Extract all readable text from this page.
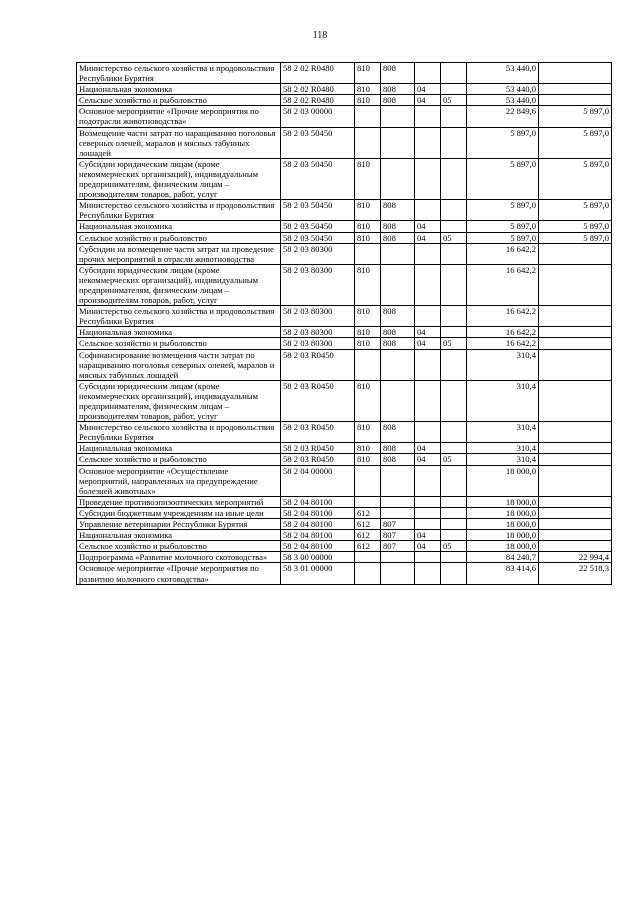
118
Министерство сельского хозяйства и продовольствия Республики Бурятия	58 2 02 R0480	810	808			53 440,0	
Национальная экономика	58 2 02 R0480	810	808	04		53 440,0	
Сельское хозяйство и рыболовство	58 2 02 R0480	810	808	04	05	53 440,0	
Основное мероприятие «Прочие мероприятия по подотрасли животноводства»	58 2 03 00000					22 849,6	5 897,0
Возмещение части затрат по наращиванию поголовья северных оленей, маралов и мясных табунных лошадей	58 2 03 50450					5 897,0	5 897,0
Субсидии юридическим лицам (кроме некоммерческих организаций), индивидуальным предпринимателям, физическим лицам – производителям товаров, работ, услуг	58 2 03 50450	810				5 897,0	5 897,0
Министерство сельского хозяйства и продовольствия Республики Бурятия	58 2 03 50450	810	808			5 897,0	5 897,0
Национальная экономика	58 2 03 50450	810	808	04		5 897,0	5 897,0
Сельское хозяйство и рыболовство	58 2 03 50450	810	808	04	05	5 897,0	5 897,0
Субсидии на возмещение части затрат на проведение прочих мероприятий в отрасли животноводства	58 2 03 80300					16 642,2	
Субсидии юридическим лицам (кроме некоммерческих организаций), индивидуальным предпринимателям, физическим лицам – производителям товаров, работ, услуг	58 2 03 80300	810				16 642,2	
Министерство сельского хозяйства и продовольствия Республики Бурятия	58 2 03 80300	810	808			16 642,2	
Национальная экономика	58 2 03 80300	810	808	04		16 642,2	
Сельское хозяйство и рыболовство	58 2 03 80300	810	808	04	05	16 642,2	
Софинансирование возмещения части затрат по наращиванию поголовья северных оленей, маралов и мясных табунных лошадей	58 2 03 R0450					310,4	
Субсидии юридическим лицам (кроме некоммерческих организаций), индивидуальным предпринимателям, физическим лицам – производителям товаров, работ, услуг	58 2 03 R0450	810				310,4	
Министерство сельского хозяйства и продовольствия Республики Бурятия	58 2 03 R0450	810	808			310,4	
Национальная экономика	58 2 03 R0450	810	808	04		310,4	
Сельское хозяйство и рыболовство	58 2 03 R0450	810	808	04	05	310,4	
Основное мероприятие «Осуществление мероприятий, направленных на предупреждение болезней животных»	58 2 04 00000					18 000,0	
Проведение противоэпизоотических мероприятий	58 2 04 80100					18 000,0	
Субсидии бюджетным учреждениям на иные цели	58 2 04 80100	612				18 000,0	
Управление ветеринарии Республики Бурятия	58 2 04 80100	612	807			18 000,0	
Национальная экономика	58 2 04 80100	612	807	04		18 000,0	
Сельское хозяйство и рыболовство	58 2 04 80100	612	807	04	05	18 000,0	
Подпрограмма «Развитие молочного скотоводства»	58 3 00 00000					84 240,7	22 994,4
Основное мероприятие «Прочие мероприятия по развитию молочного скотоводства»	58 3 01 00000					83 414,6	22 518,3
